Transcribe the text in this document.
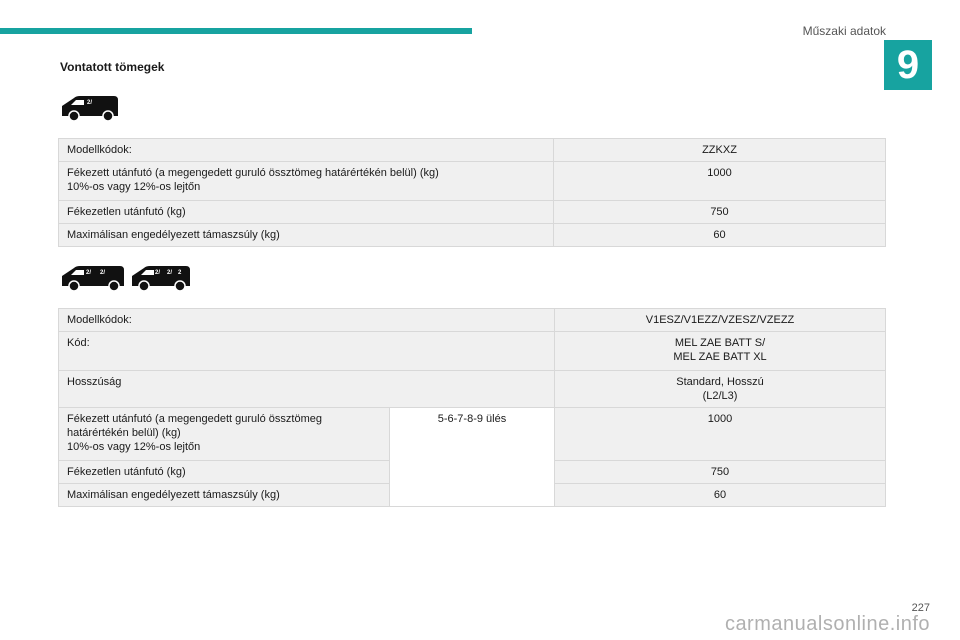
Műszaki adatok
9
Vontatott tömegek
2/
2/ 2/	2/ 2/ 2
Modellkódok:	ZZKXZ
Fékezett utánfutó (a megengedett guruló össztömeg határértékén belül) (kg)
10%-os vagy 12%-os lejtőn	1000
Fékezetlen utánfutó (kg)	750
Maximálisan engedélyezett támaszsúly (kg)	60
Modellkódok:		V1ESZ/V1EZZ/VZESZ/VZEZZ
Kód:		MEL ZAE BATT S/
MEL ZAE BATT XL
Hosszúság		Standard, Hosszú
(L2/L3)
Fékezett utánfutó (a megengedett guruló össztömeg
határértékén belül) (kg)
10%-os vagy 12%-os lejtőn	5-6-7-8-9 ülés	1000
Fékezetlen utánfutó (kg)		750
Maximálisan engedélyezett támaszsúly (kg)		60
227
carmanualsonline.info
